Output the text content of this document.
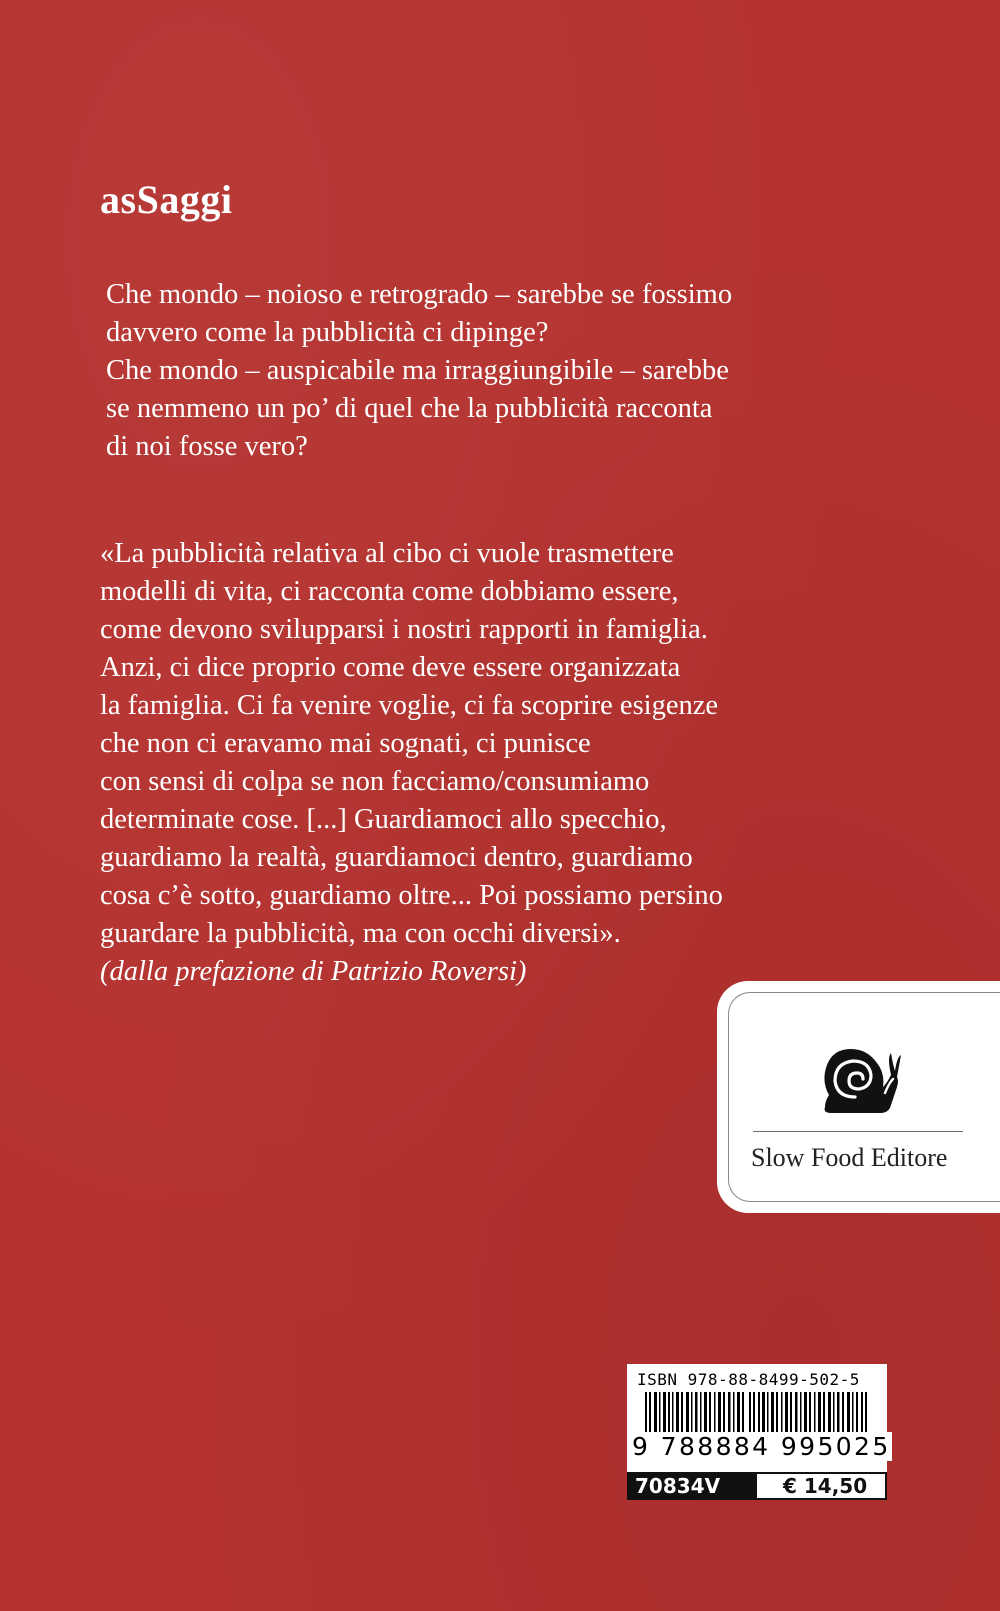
asSaggi
Che mondo – noioso e retrogrado – sarebbe se fossimo
davvero come la pubblicità ci dipinge?
Che mondo – auspicabile ma irraggiungibile – sarebbe
se nemmeno un po’ di quel che la pubblicità racconta
di noi fosse vero?
«La pubblicità relativa al cibo ci vuole trasmettere
modelli di vita, ci racconta come dobbiamo essere,
come devono svilupparsi i nostri rapporti in famiglia.
Anzi, ci dice proprio come deve essere organizzata
la famiglia. Ci fa venire voglie, ci fa scoprire esigenze
che non ci eravamo mai sognati, ci punisce
con sensi di colpa se non facciamo/consumiamo
determinate cose. [...] Guardiamoci allo specchio,
guardiamo la realtà, guardiamoci dentro, guardiamo
cosa c’è sotto, guardiamo oltre... Poi possiamo persino
guardare la pubblicità, ma con occhi diversi».
(dalla prefazione di Patrizio Roversi)
Slow Food Editore
ISBN 978-88-8499-502-5
9 788884 995025
70834V	€ 14,50
